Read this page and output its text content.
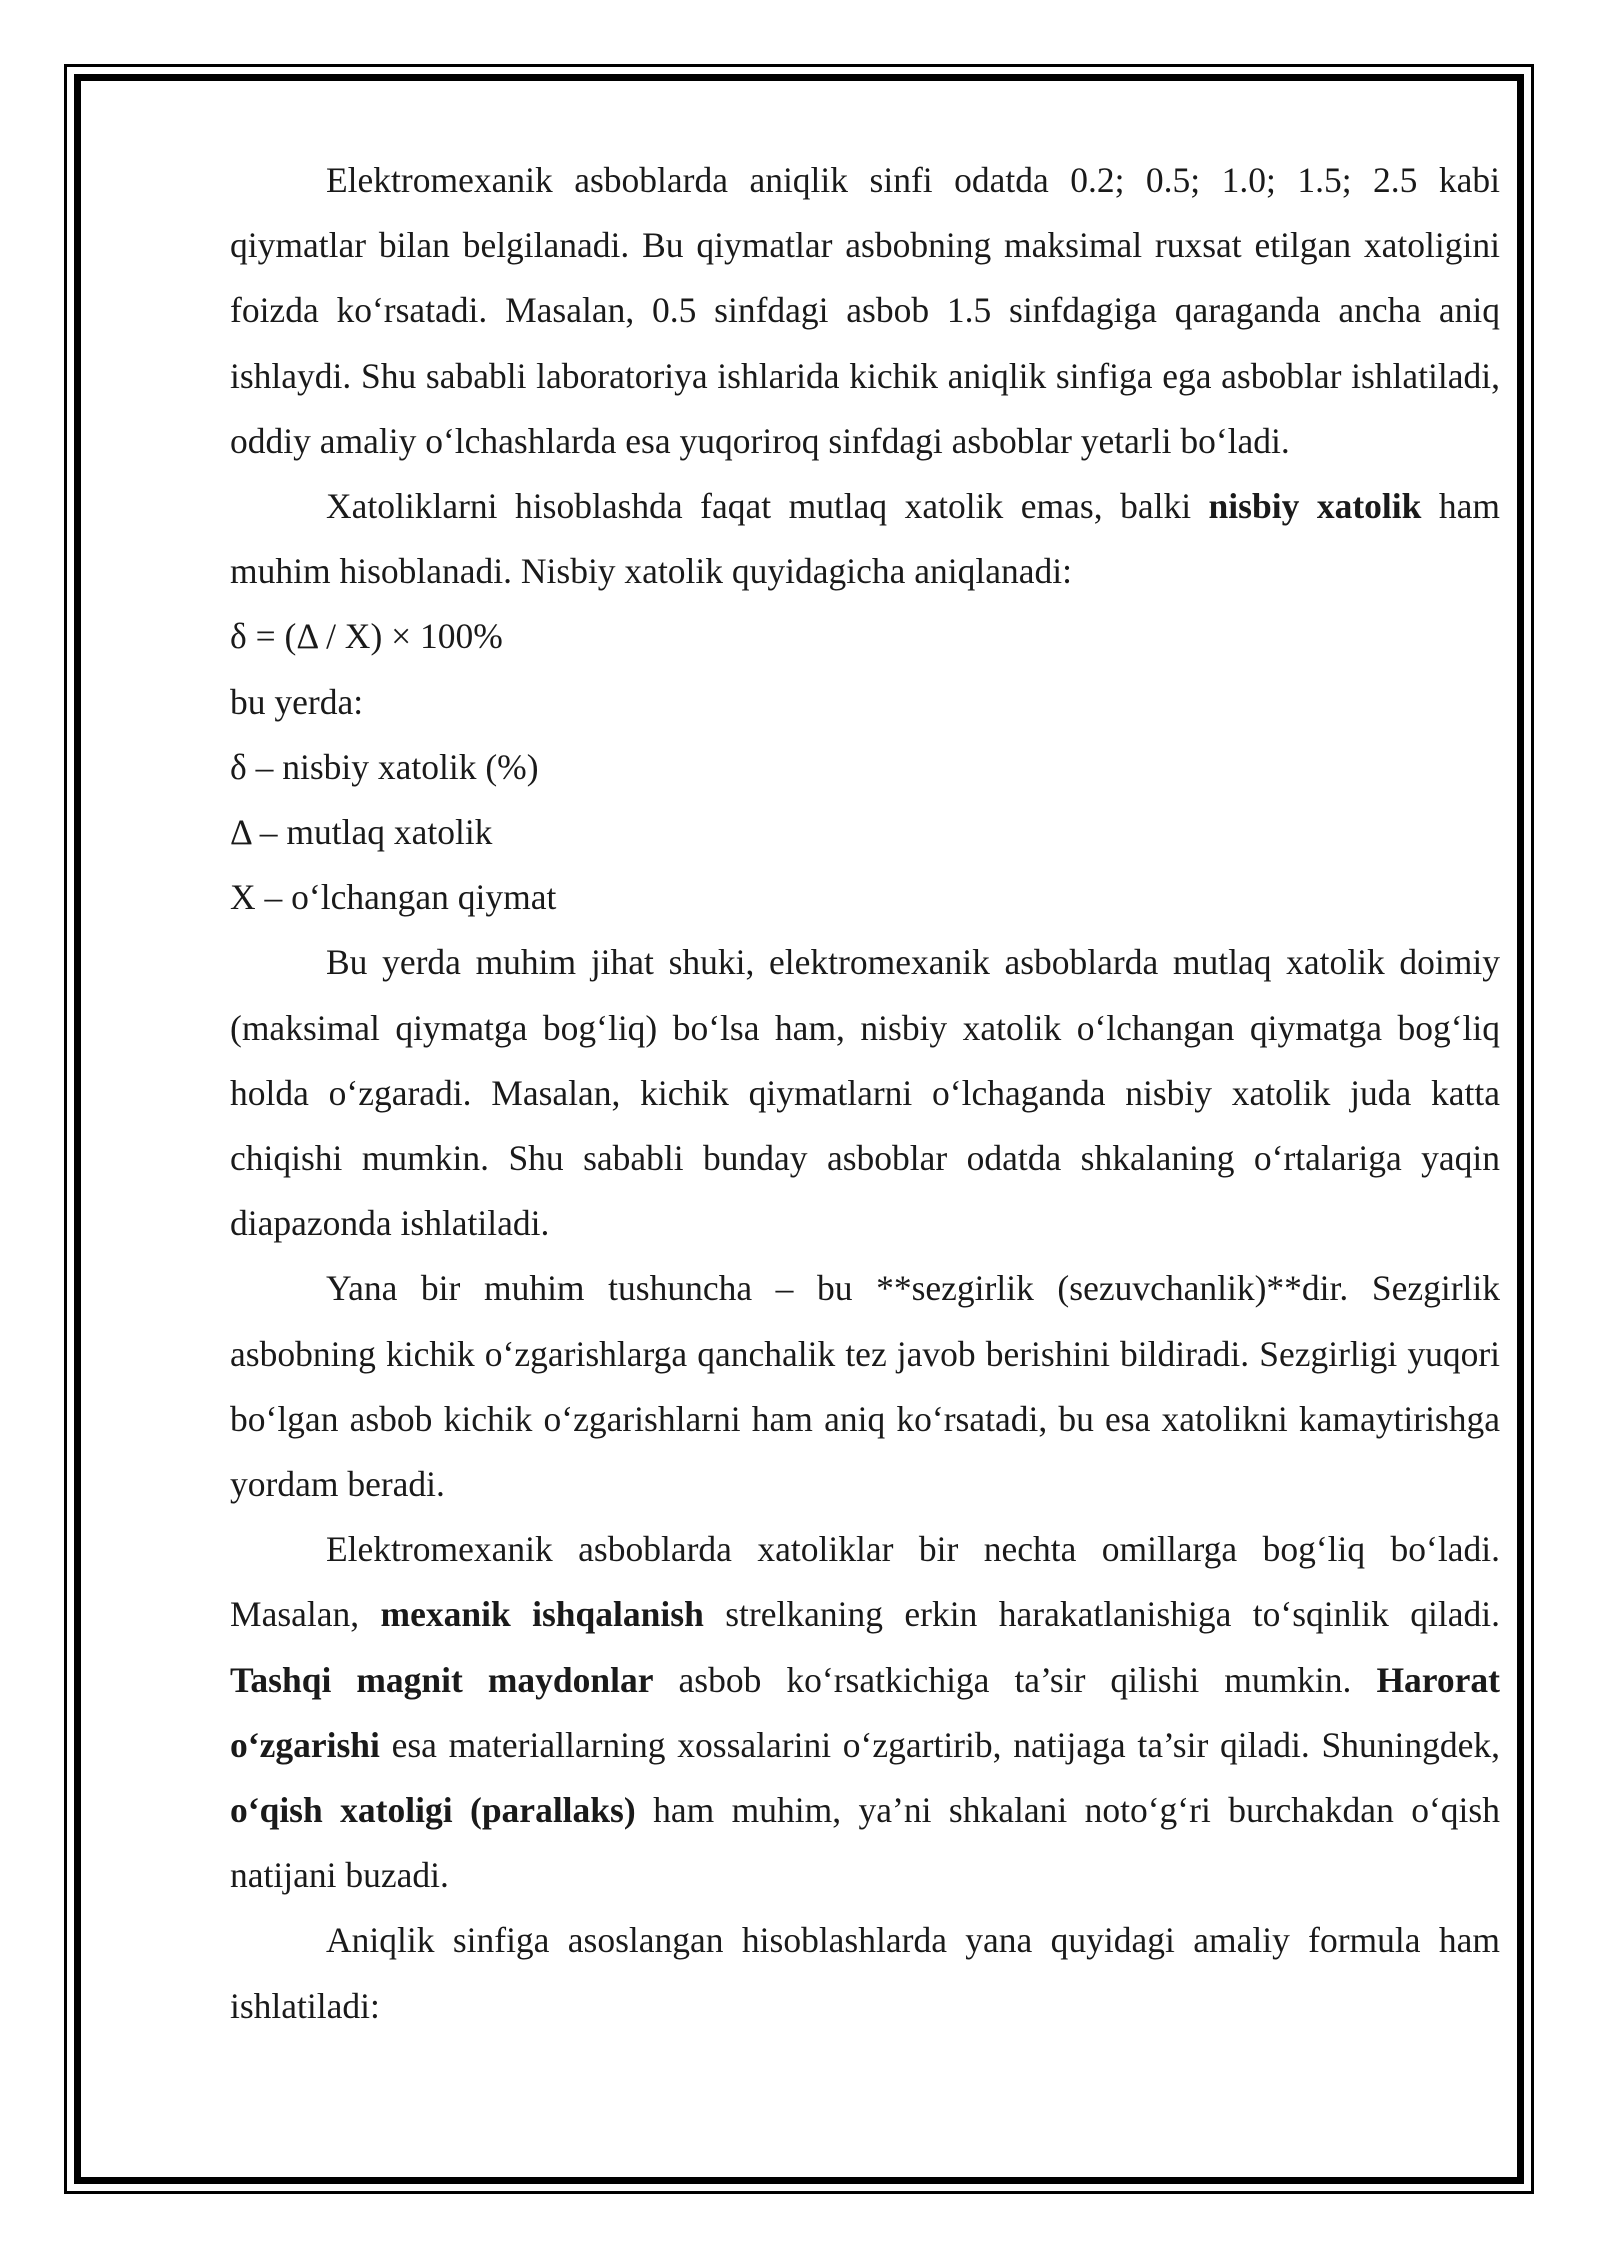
Elektromexanik asboblarda aniqlik sinfi odatda 0.2; 0.5; 1.0; 1.5; 2.5 kabi qiymatlar bilan belgilanadi. Bu qiymatlar asbobning maksimal ruxsat etilgan xatoligini foizda ko‘rsatadi. Masalan, 0.5 sinfdagi asbob 1.5 sinfdagiga qaraganda ancha aniq ishlaydi. Shu sababli laboratoriya ishlarida kichik aniqlik sinfiga ega asboblar ishlatiladi, oddiy amaliy o‘lchashlarda esa yuqoriroq sinfdagi asboblar yetarli bo‘ladi.

Xatoliklarni hisoblashda faqat mutlaq xatolik emas, balki nisbiy xatolik ham muhim hisoblanadi. Nisbiy xatolik quyidagicha aniqlanadi:

δ = (Δ / X) × 100%

bu yerda:

δ – nisbiy xatolik (%)

Δ – mutlaq xatolik

X – o‘lchangan qiymat

Bu yerda muhim jihat shuki, elektromexanik asboblarda mutlaq xatolik doimiy (maksimal qiymatga bog‘liq) bo‘lsa ham, nisbiy xatolik o‘lchangan qiymatga bog‘liq holda o‘zgaradi. Masalan, kichik qiymatlarni o‘lchaganda nisbiy xatolik juda katta chiqishi mumkin. Shu sababli bunday asboblar odatda shkalaning o‘rtalariga yaqin diapazonda ishlatiladi.

Yana bir muhim tushuncha – bu **sezgirlik (sezuvchanlik)**dir. Sezgirlik asbobning kichik o‘zgarishlarga qanchalik tez javob berishini bildiradi. Sezgirligi yuqori bo‘lgan asbob kichik o‘zgarishlarni ham aniq ko‘rsatadi, bu esa xatolikni kamaytirishga yordam beradi.

Elektromexanik asboblarda xatoliklar bir nechta omillarga bog‘liq bo‘ladi. Masalan, mexanik ishqalanish strelkaning erkin harakatlanishiga to‘sqinlik qiladi. Tashqi magnit maydonlar asbob ko‘rsatkichiga ta’sir qilishi mumkin. Harorat o‘zgarishi esa materiallarning xossalarini o‘zgartirib, natijaga ta’sir qiladi. Shuningdek, o‘qish xatoligi (parallaks) ham muhim, ya’ni shkalani noto‘g‘ri burchakdan o‘qish natijani buzadi.

Aniqlik sinfiga asoslangan hisoblashlarda yana quyidagi amaliy formula ham ishlatiladi:
